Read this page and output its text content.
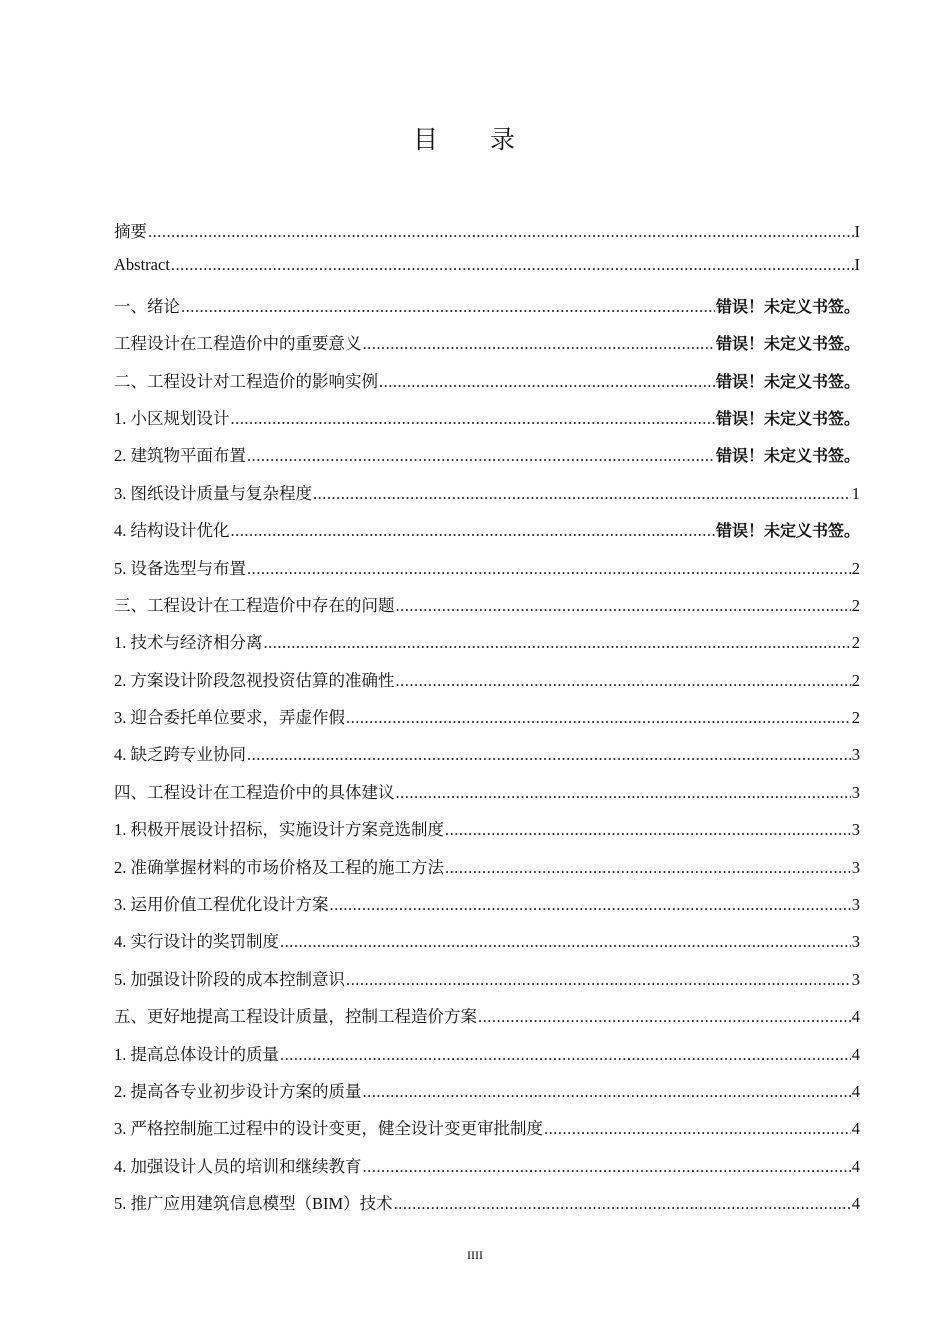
目 录
摘要 .....	I
Abstract .....	I
一、绪论 .....	错误！未定义书签。
工程设计在工程造价中的重要意义 .....	错误！未定义书签。
二、工程设计对工程造价的影响实例 .....	错误！未定义书签。
1. 小区规划设计 .....	错误！未定义书签。
2. 建筑物平面布置 .....	错误！未定义书签。
3. 图纸设计质量与复杂程度 .....	1
4. 结构设计优化 .....	错误！未定义书签。
5. 设备选型与布置 .....	2
三、工程设计在工程造价中存在的问题 .....	2
1. 技术与经济相分离 .....	2
2. 方案设计阶段忽视投资估算的准确性 .....	2
3. 迎合委托单位要求，弄虚作假 .....	2
4. 缺乏跨专业协同 .....	3
四、工程设计在工程造价中的具体建议 .....	3
1. 积极开展设计招标，实施设计方案竞选制度 .....	3
2. 准确掌握材料的市场价格及工程的施工方法 .....	3
3. 运用价值工程优化设计方案 .....	3
4. 实行设计的奖罚制度 .....	3
5. 加强设计阶段的成本控制意识 .....	3
五、更好地提高工程设计质量，控制工程造价方案 .....	4
1. 提高总体设计的质量 .....	4
2. 提高各专业初步设计方案的质量 .....	4
3. 严格控制施工过程中的设计变更，健全设计变更审批制度 .....	4
4. 加强设计人员的培训和继续教育 .....	4
5. 推广应用建筑信息模型（BIM）技术 .....	4
IIII
